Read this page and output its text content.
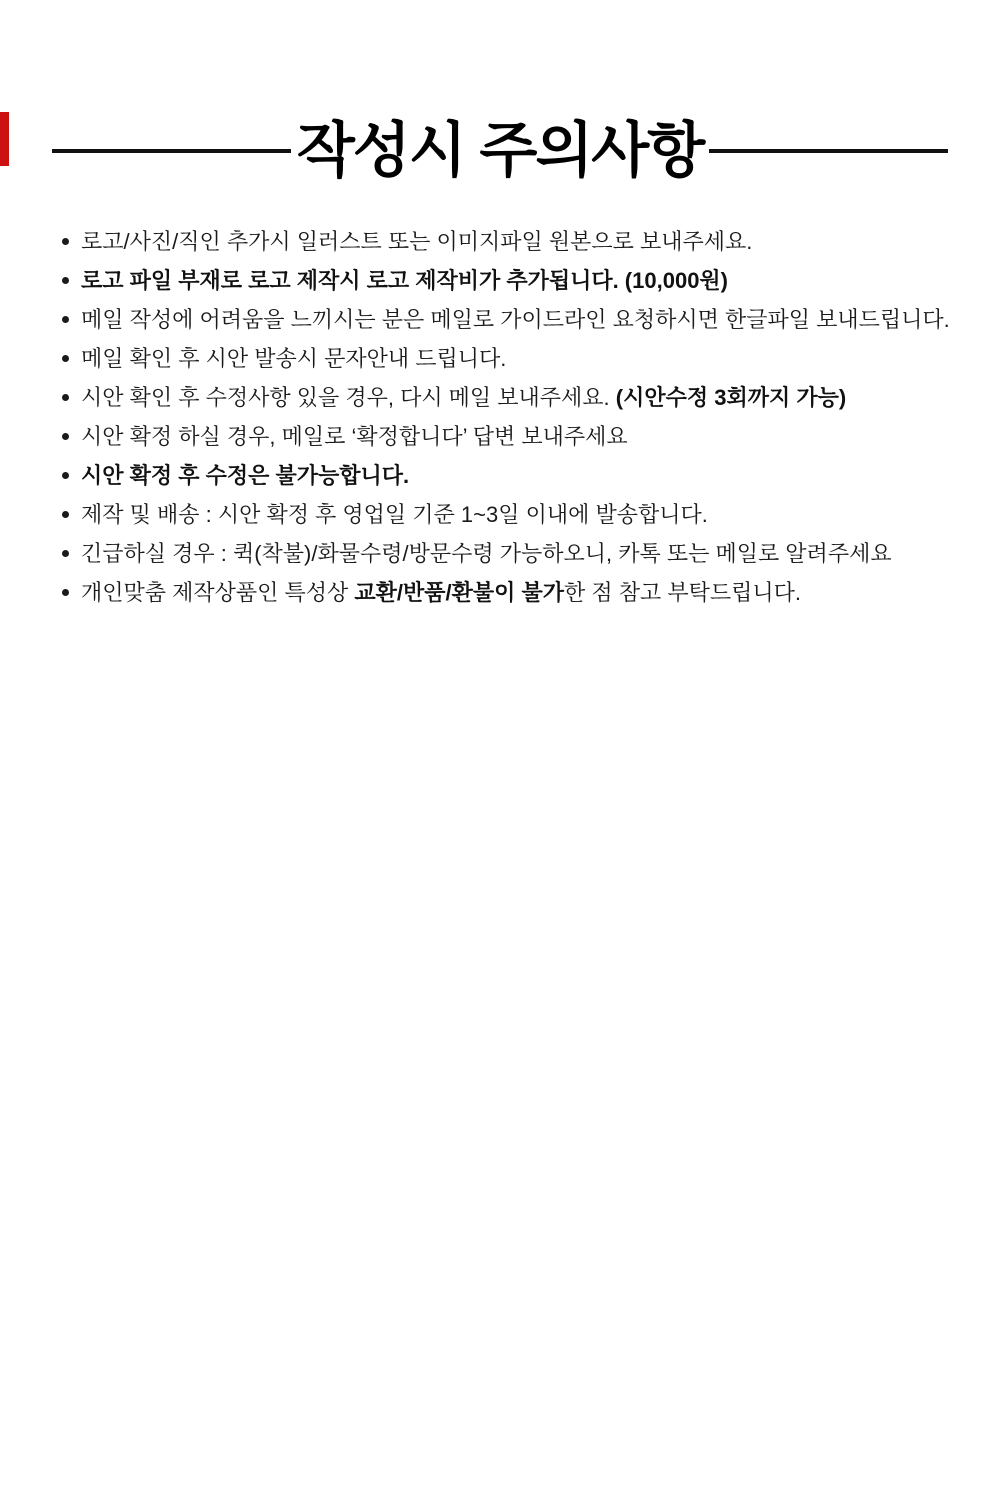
작성시 주의사항
로고/사진/직인 추가시 일러스트 또는 이미지파일 원본으로 보내주세요.
로고 파일 부재로 로고 제작시 로고 제작비가 추가됩니다. (10,000원)
메일 작성에 어려움을 느끼시는 분은 메일로 가이드라인 요청하시면 한글파일 보내드립니다.
메일 확인 후 시안 발송시 문자안내 드립니다.
시안 확인 후 수정사항 있을 경우, 다시 메일 보내주세요. (시안수정 3회까지 가능)
시안 확정 하실 경우, 메일로 ‘확정합니다’ 답변 보내주세요
시안 확정 후 수정은 불가능합니다.
제작 및 배송 : 시안 확정 후 영업일 기준 1~3일 이내에 발송합니다.
긴급하실 경우 : 퀵(착불)/화물수령/방문수령 가능하오니, 카톡 또는 메일로 알려주세요
개인맞춤 제작상품인 특성상 교환/반품/환불이 불가한 점 참고 부탁드립니다.
